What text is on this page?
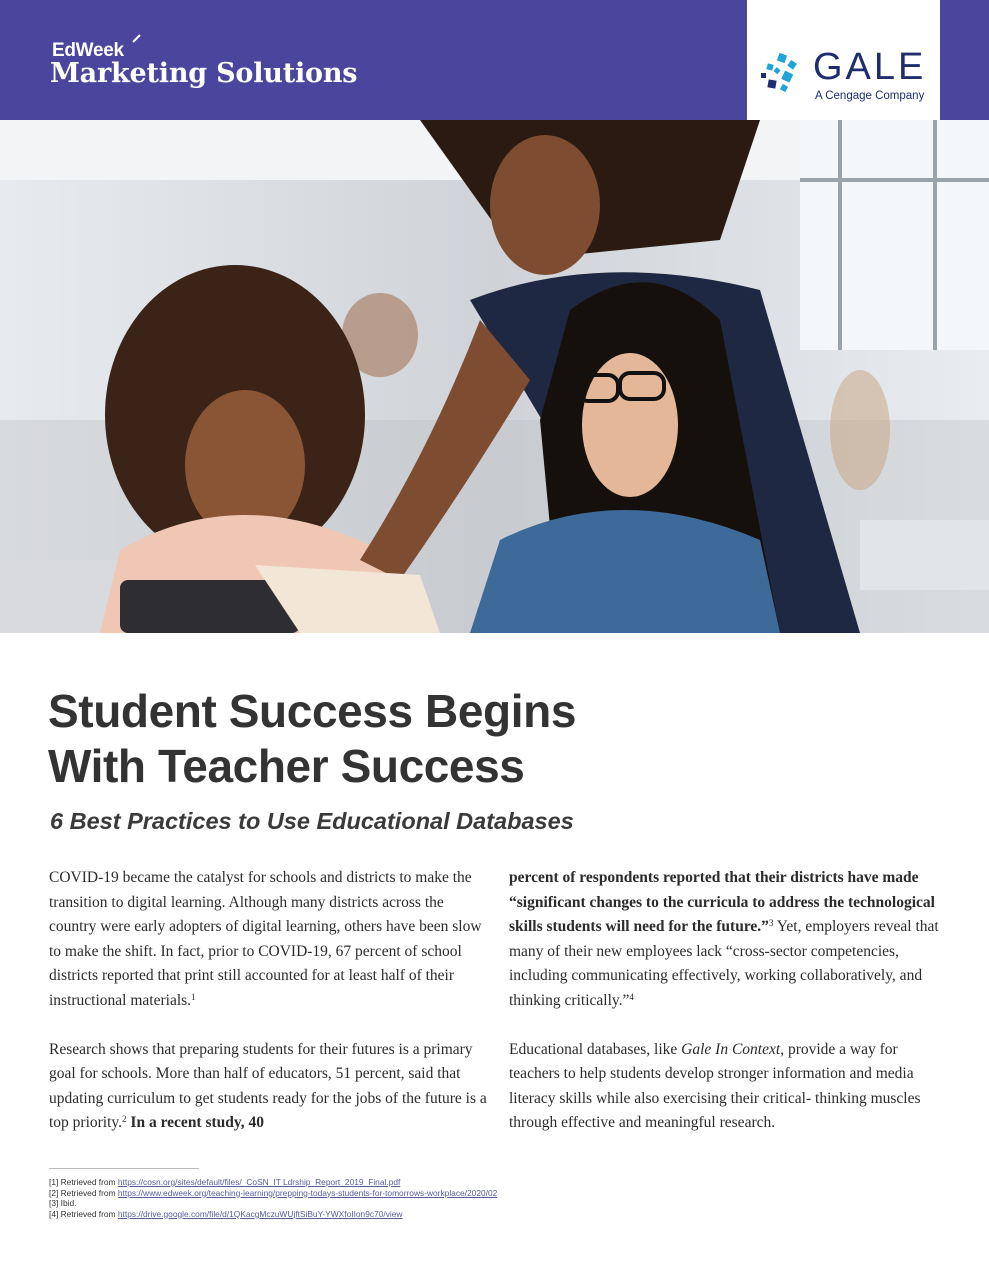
EdWeek
Marketing Solutions	GALE
A Cengage Company
Student Success Begins
With Teacher Success
6 Best Practices to Use Educational Databases

COVID-19 became the catalyst for schools and districts to make the transition to digital learning. Although many districts across the country were early adopters of digital learning, others have been slow to make the shift. In fact, prior to COVID-19, 67 percent of school districts reported that print still accounted for at least half of their instructional materials.$^1$

Research shows that preparing students for their futures is a primary goal for schools. More than half of educators, 51 percent, said that updating curriculum to get students ready for the jobs of the future is a top priority.$^2$ In a recent study, 40

percent of respondents reported that their districts have made “significant changes to the curricula to address the technological skills students will need for the future.”$^3$ Yet, employers reveal that many of their new employees lack “cross-sector competencies, including communicating effectively, working collaboratively, and thinking critically.”$^4$

Educational databases, like Gale In Context, provide a way for teachers to help students develop stronger information and media literacy skills while also exercising their critical- thinking muscles through effective and meaningful research.

[1] Retrieved from https://cosn.org/sites/default/files/_CoSN_IT Ldrship_Report_2019_Final.pdf
[2] Retrieved from https://www.edweek.org/teaching-learning/prepping-todays-students-for-tomorrows-workplace/2020/02
[3] Ibid.
[4] Retrieved from https://drive.google.com/file/d/1QKacgMczuWUjftSiBuY-YWXfoIIon9c70/view
